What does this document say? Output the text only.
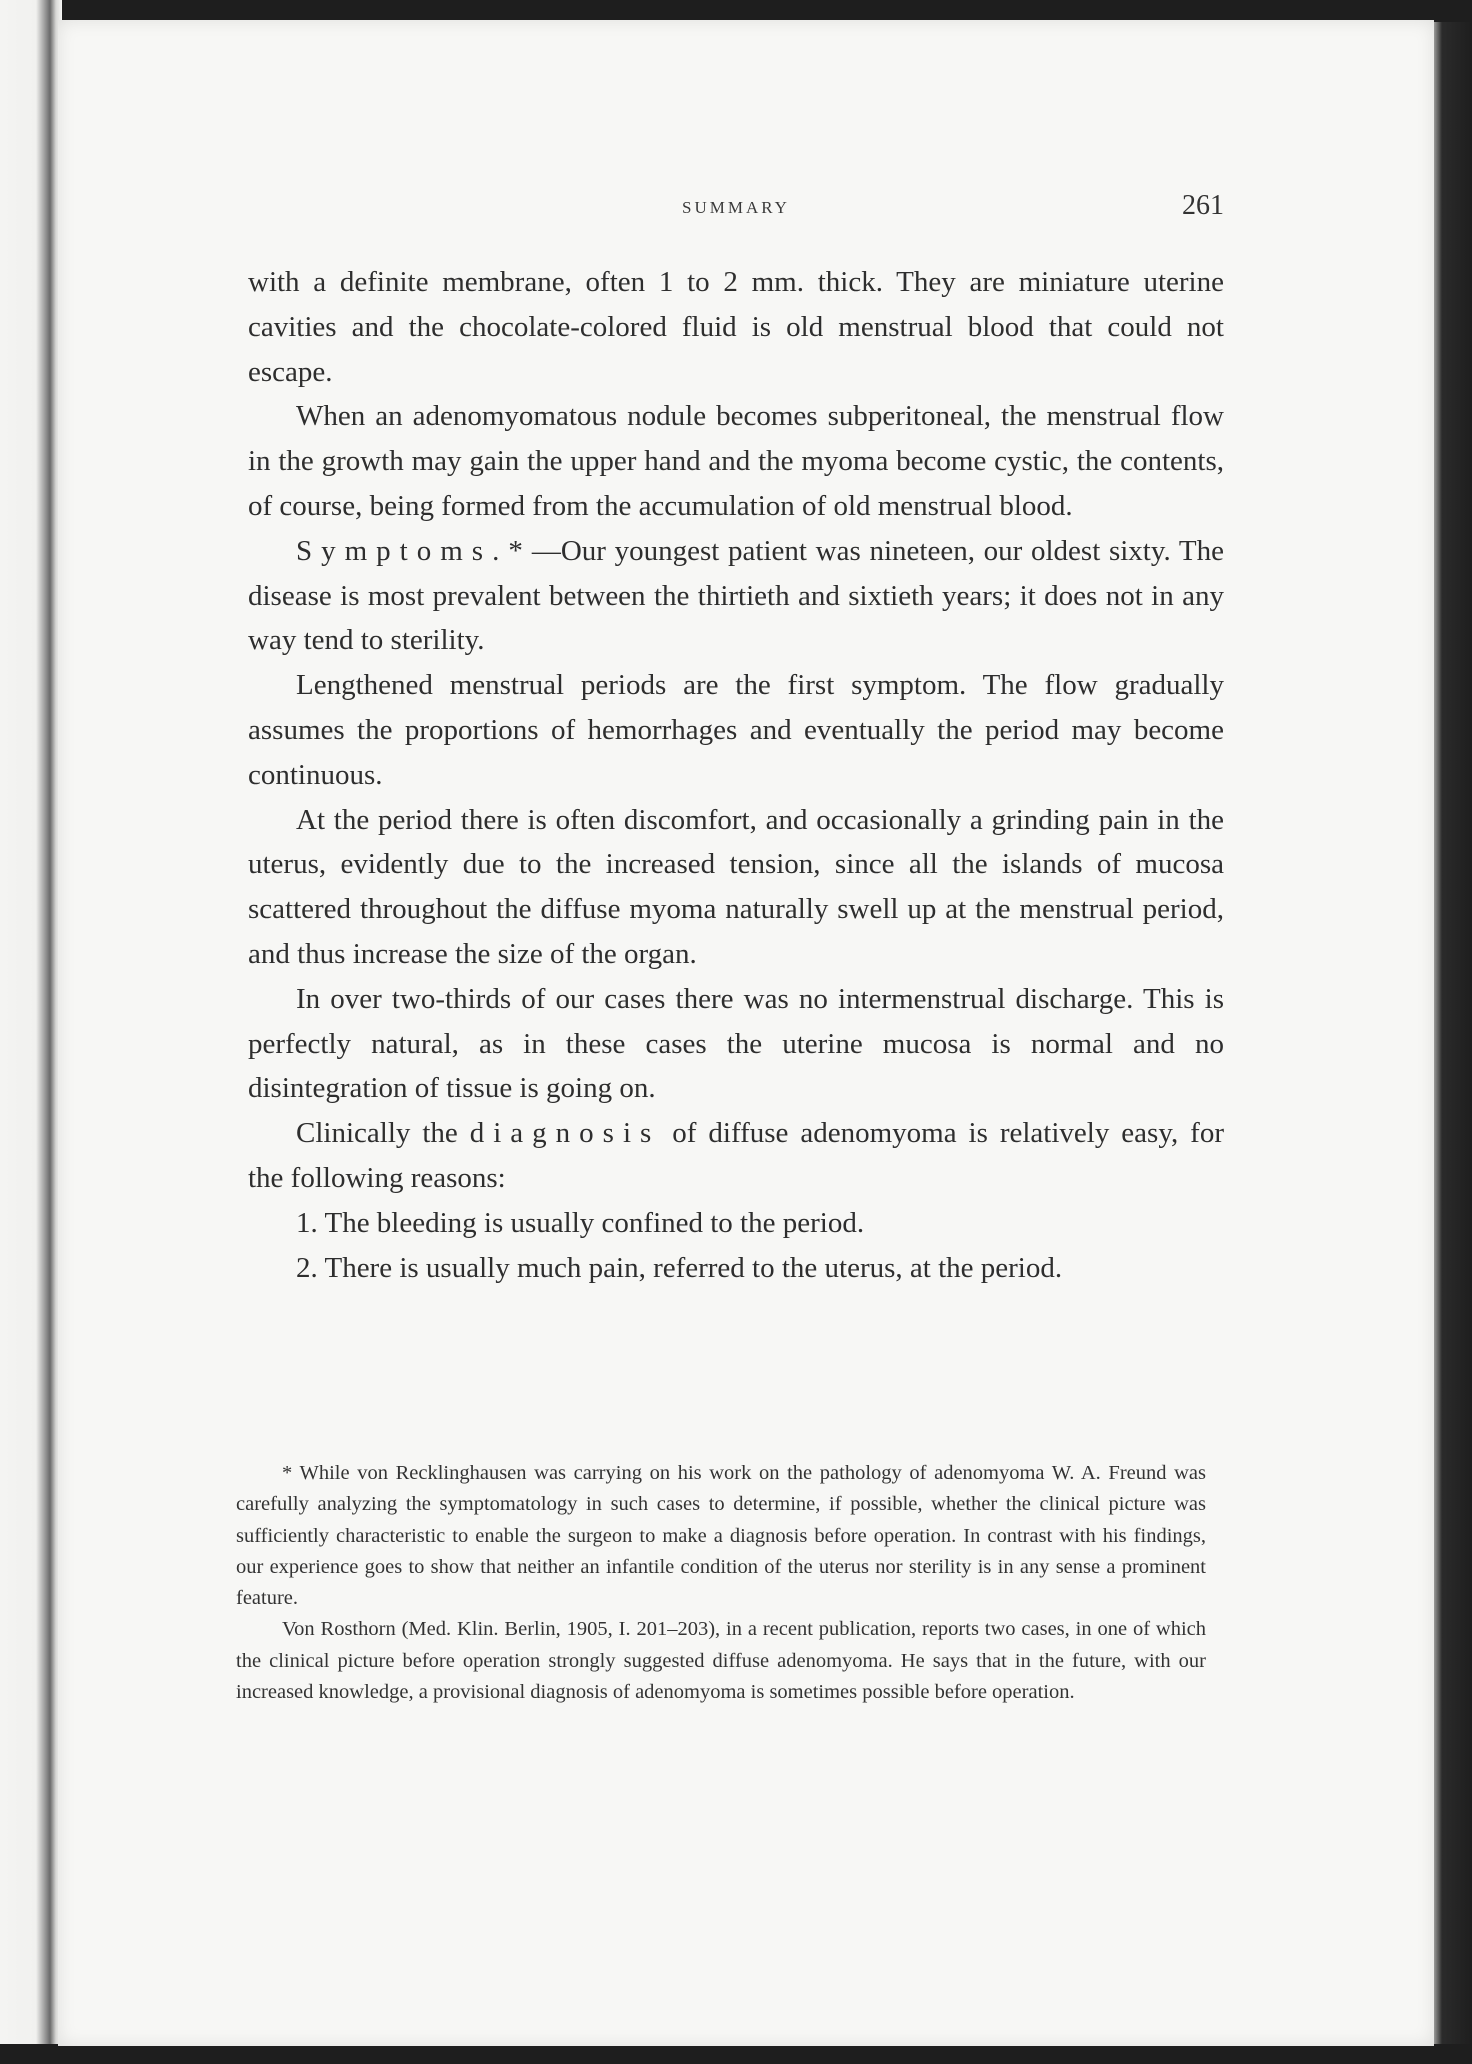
SUMMARY	261

with a definite membrane, often 1 to 2 mm. thick. They are miniature uterine cavities and the chocolate-colored fluid is old menstrual blood that could not escape.

When an adenomyomatous nodule becomes subperitoneal, the menstrual flow in the growth may gain the upper hand and the myoma become cystic, the contents, of course, being formed from the accumulation of old menstrual blood.

Symptoms.*—Our youngest patient was nineteen, our oldest sixty. The disease is most prevalent between the thirtieth and sixtieth years; it does not in any way tend to sterility.

Lengthened menstrual periods are the first symptom. The flow gradually assumes the proportions of hemorrhages and eventually the period may become continuous.

At the period there is often discomfort, and occasionally a grinding pain in the uterus, evidently due to the increased tension, since all the islands of mucosa scattered throughout the diffuse myoma naturally swell up at the menstrual period, and thus increase the size of the organ.

In over two-thirds of our cases there was no intermenstrual discharge. This is perfectly natural, as in these cases the uterine mucosa is normal and no disintegration of tissue is going on.

Clinically the diagnosis of diffuse adenomyoma is relatively easy, for the following reasons:

1. The bleeding is usually confined to the period.

2. There is usually much pain, referred to the uterus, at the period.

* While von Recklinghausen was carrying on his work on the pathology of adenomyoma W. A. Freund was carefully analyzing the symptomatology in such cases to determine, if possible, whether the clinical picture was sufficiently characteristic to enable the surgeon to make a diagnosis before operation. In contrast with his findings, our experience goes to show that neither an infantile condition of the uterus nor sterility is in any sense a prominent feature.

Von Rosthorn (Med. Klin. Berlin, 1905, I. 201–203), in a recent publication, reports two cases, in one of which the clinical picture before operation strongly suggested diffuse adenomyoma. He says that in the future, with our increased knowledge, a provisional diagnosis of adenomyoma is sometimes possible before operation.
